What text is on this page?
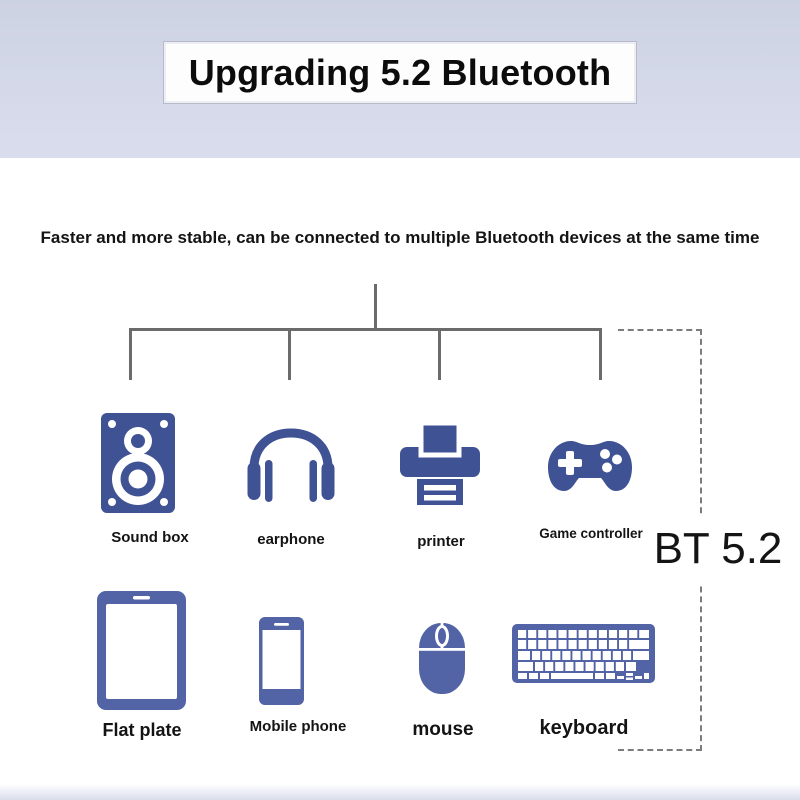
Upgrading 5.2 Bluetooth
Faster and more stable, can be connected to multiple Bluetooth devices at the same time
BT 5.2
Sound box	earphone	printer	Game controller
Flat plate	Mobile phone	mouse	keyboard
